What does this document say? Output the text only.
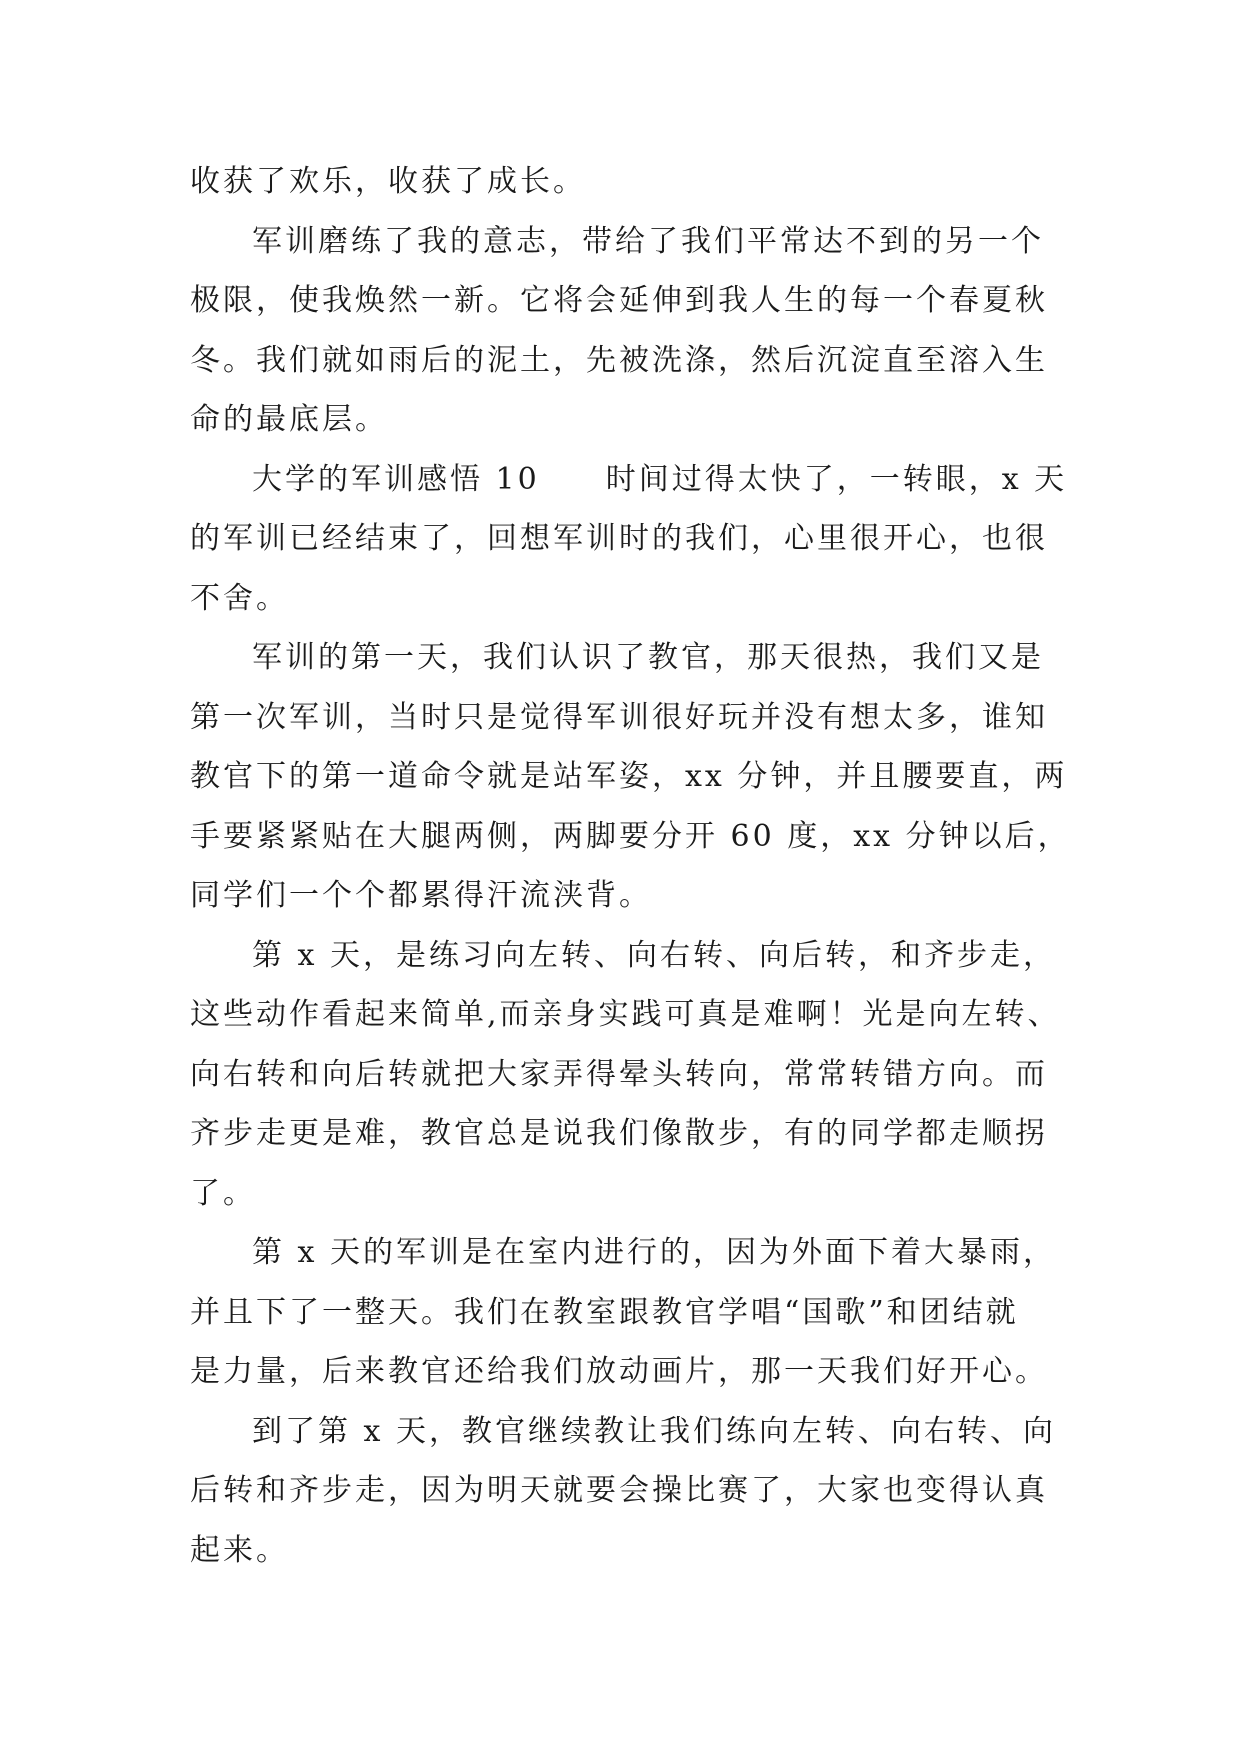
收获了欢乐，收获了成长。
军训磨练了我的意志，带给了我们平常达不到的另一个
极限，使我焕然一新。它将会延伸到我人生的每一个春夏秋
冬。我们就如雨后的泥土，先被洗涤，然后沉淀直至溶入生
命的最底层。
大学的军训感悟 10　　时间过得太快了，一转眼，x 天
的军训已经结束了，回想军训时的我们，心里很开心，也很
不舍。
军训的第一天，我们认识了教官，那天很热，我们又是
第一次军训，当时只是觉得军训很好玩并没有想太多，谁知
教官下的第一道命令就是站军姿，xx 分钟，并且腰要直，两
手要紧紧贴在大腿两侧，两脚要分开 60 度，xx 分钟以后，
同学们一个个都累得汗流浃背。
第 x 天，是练习向左转、向右转、向后转，和齐步走，
这些动作看起来简单,而亲身实践可真是难啊！光是向左转、
向右转和向后转就把大家弄得晕头转向，常常转错方向。而
齐步走更是难，教官总是说我们像散步，有的同学都走顺拐
了。
第 x 天的军训是在室内进行的，因为外面下着大暴雨，
并且下了一整天。我们在教室跟教官学唱“国歌”和团结就
是力量，后来教官还给我们放动画片，那一天我们好开心。
到了第 x 天，教官继续教让我们练向左转、向右转、向
后转和齐步走，因为明天就要会操比赛了，大家也变得认真
起来。
